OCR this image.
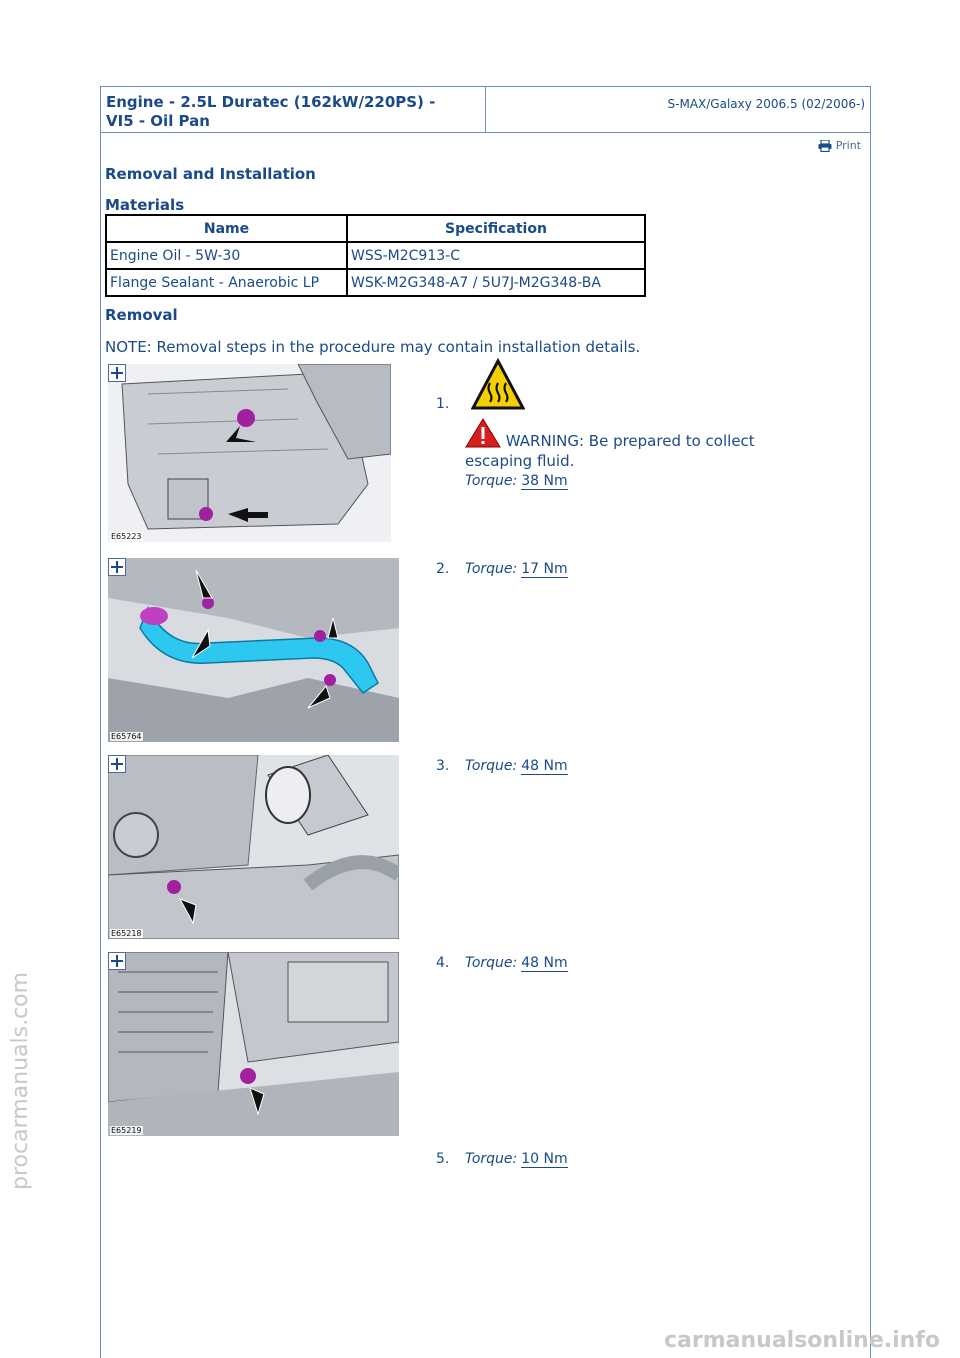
Engine - 2.5L Duratec (162kW/220PS) -
VI5 - Oil Pan
S-MAX/Galaxy 2006.5 (02/2006-)
Print
Removal and Installation
Materials
Name	Specification
Engine Oil - 5W-30	WSS-M2C913-C
Flange Sealant - Anaerobic LP	WSK-M2G348-A7 / 5U7J-M2G348-BA
Removal
NOTE: Removal steps in the procedure may contain installation details.
E65223
1.
WARNING: Be prepared to collect
escaping fluid.
Torque: 38 Nm
E65764
2. Torque: 17 Nm
E65218
3. Torque: 48 Nm
E65219
4. Torque: 48 Nm
5. Torque: 10 Nm
procarmanuals.com
carmanualsonline.info
